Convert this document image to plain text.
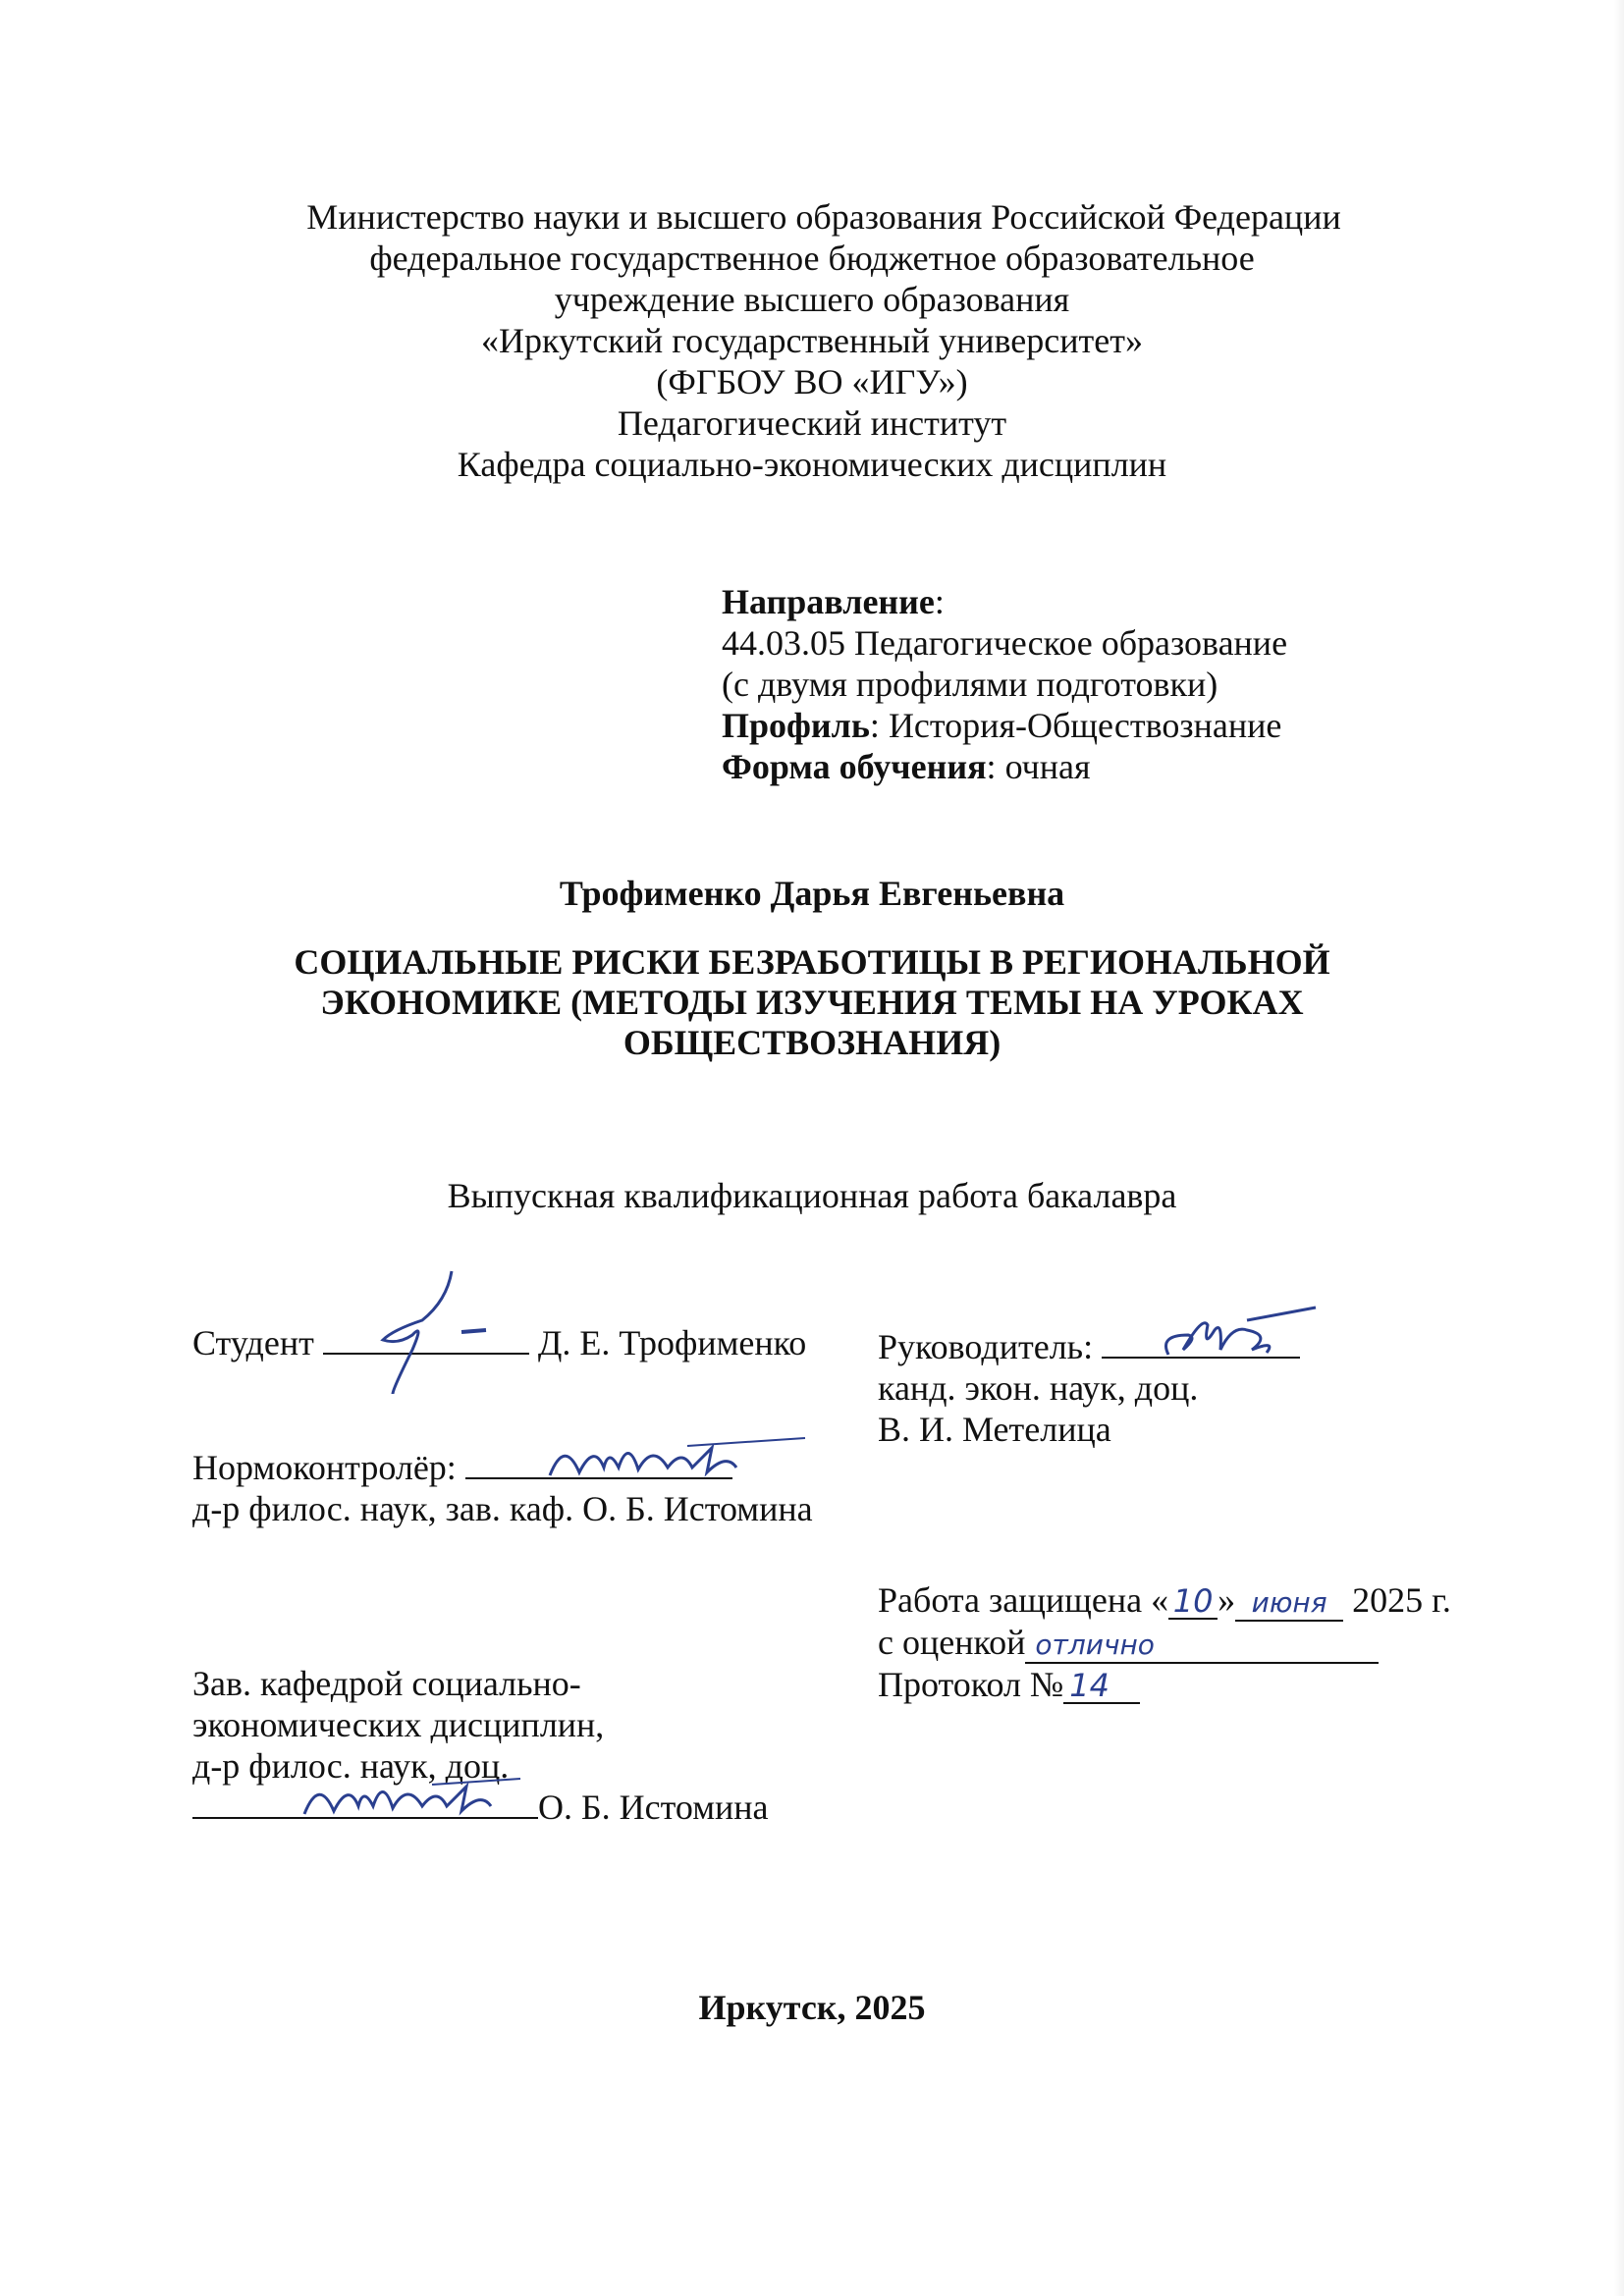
Министерство науки и высшего образования Российской Федерации
федеральное государственное бюджетное образовательное
учреждение высшего образования
«Иркутский государственный университет»
(ФГБОУ ВО «ИГУ»)
Педагогический институт
Кафедра социально-экономических дисциплин
Направление:
44.03.05 Педагогическое образование
(с двумя профилями подготовки)
Профиль: История-Обществознание
Форма обучения: очная
Трофименко Дарья Евгеньевна
СОЦИАЛЬНЫЕ РИСКИ БЕЗРАБОТИЦЫ В РЕГИОНАЛЬНОЙ
ЭКОНОМИКЕ (МЕТОДЫ ИЗУЧЕНИЯ ТЕМЫ НА УРОКАХ
ОБЩЕСТВОЗНАНИЯ)
Выпускная квалификационная работа бакалавра
Студент	Д. Е. Трофименко Руководитель:
канд. экон. наук, доц.
В. И. Метелица
Нормоконтролёр:
д-р филос. наук, зав. каф. О. Б. Истомина
Работа защищена « 10 » июня 2025 г.
с оценкой отлично
Протокол № 14
Зав. кафедрой социально-
экономических дисциплин,
д-р филос. наук, доц.
О. Б. Истомина
Иркутск, 2025
